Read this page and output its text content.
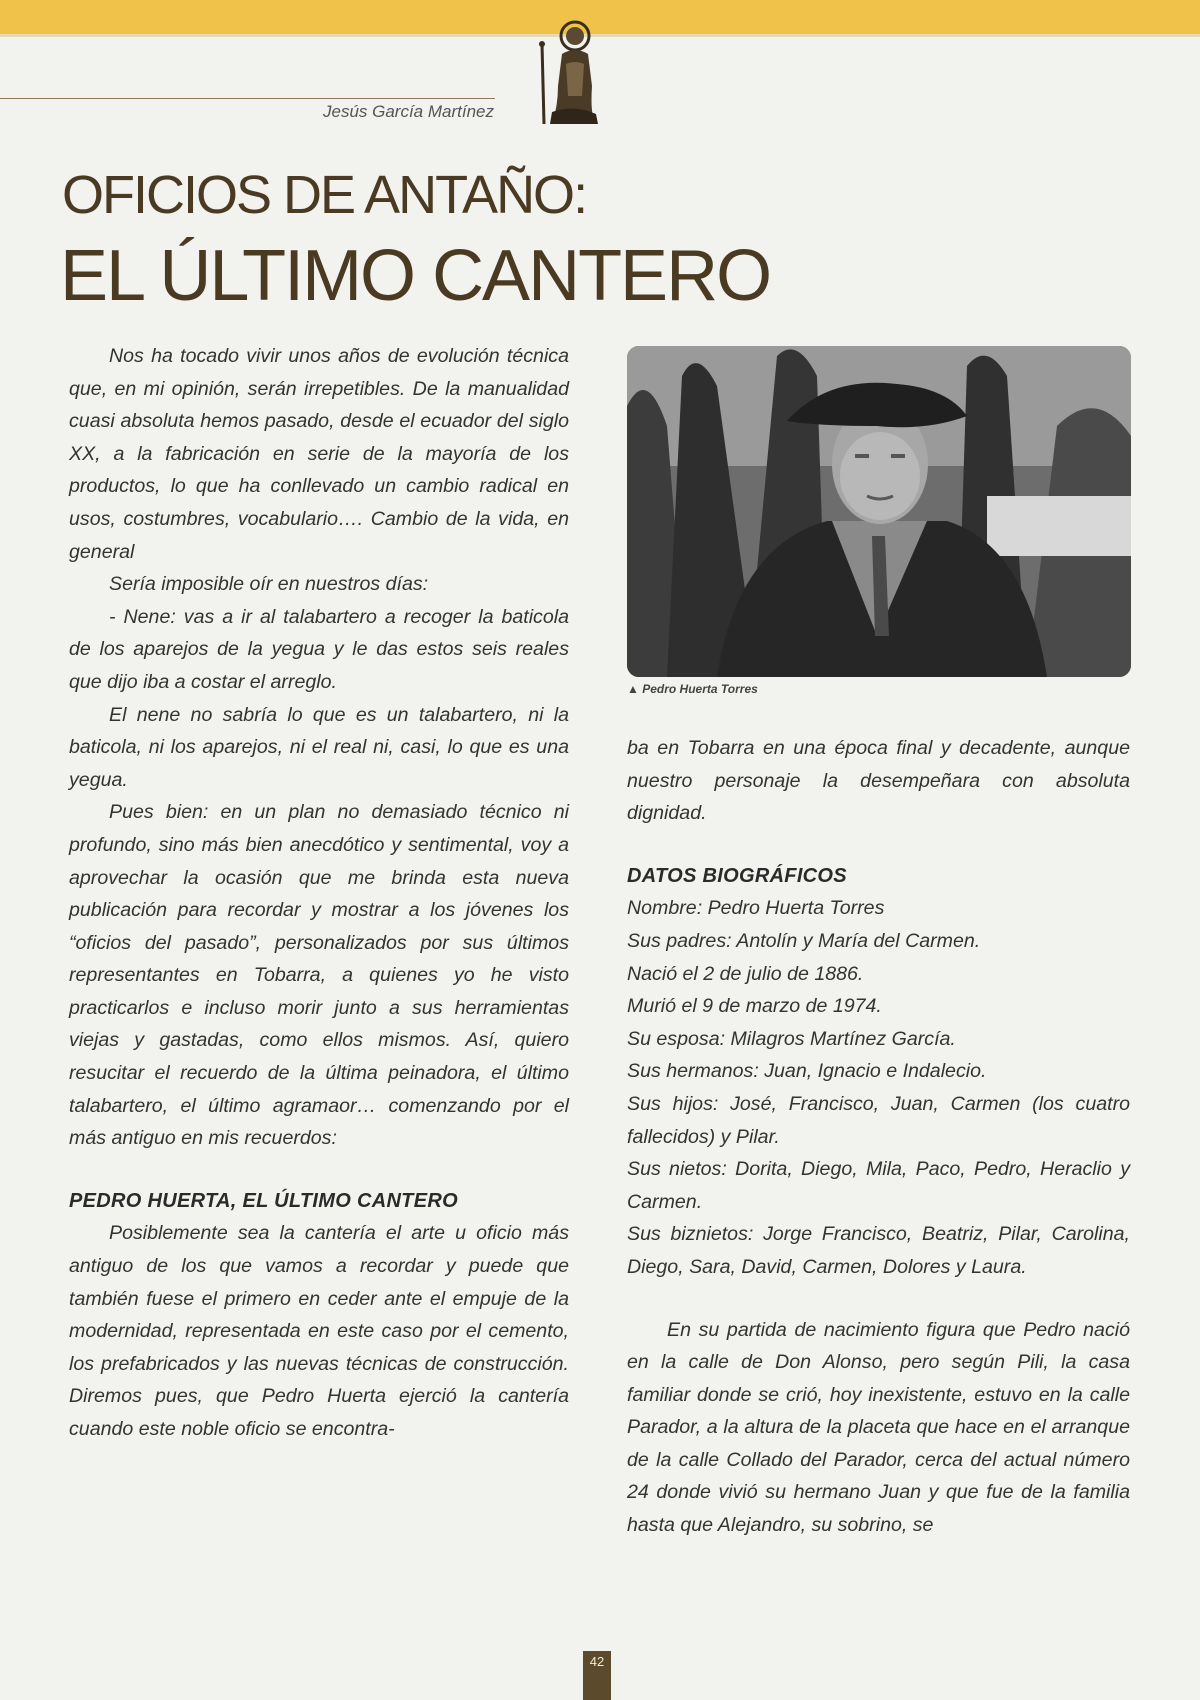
Jesús García Martínez
OFICIOS DE ANTAÑO:
EL ÚLTIMO CANTERO

Nos ha tocado vivir unos años de evolución técnica que, en mi opinión, serán irrepetibles. De la manualidad cuasi absoluta hemos pasado, desde el ecuador del siglo XX, a la fabricación en serie de la mayoría de los productos, lo que ha conllevado un cambio radical en usos, costumbres, vocabulario…. Cambio de la vida, en general

Sería imposible oír en nuestros días:

- Nene: vas a ir al talabartero a recoger la baticola de los aparejos de la yegua y le das estos seis reales que dijo iba a costar el arreglo.

El nene no sabría lo que es un talabartero, ni la baticola, ni los aparejos, ni el real ni, casi, lo que es una yegua.

Pues bien: en un plan no demasiado técnico ni profundo, sino más bien anecdótico y sentimental, voy a aprovechar la ocasión que me brinda esta nueva publicación para recordar y mostrar a los jóvenes los “oficios del pasado”, personalizados por sus últimos representantes en Tobarra, a quienes yo he visto practicarlos e incluso morir junto a sus herramientas viejas y gastadas, como ellos mismos. Así, quiero resucitar el recuerdo de la última peinadora, el último talabartero, el último agramaor… comenzando por el más antiguo en mis recuerdos:

PEDRO HUERTA, EL ÚLTIMO CANTERO

Posiblemente sea la cantería el arte u oficio más antiguo de los que vamos a recordar y puede que también fuese el primero en ceder ante el empuje de la modernidad, representada en este caso por el cemento, los prefabricados y las nuevas técnicas de construcción. Diremos pues, que Pedro Huerta ejerció la cantería cuando este noble oficio se encontra-

▲ Pedro Huerta Torres

ba en Tobarra en una época final y decadente, aunque nuestro personaje la desempeñara con absoluta dignidad.

DATOS BIOGRÁFICOS

Nombre: Pedro Huerta Torres

Sus padres: Antolín y María del Carmen.

Nació el 2 de julio de 1886.

Murió el 9 de marzo de 1974.

Su esposa: Milagros Martínez García.

Sus hermanos: Juan, Ignacio e Indalecio.

Sus hijos: José, Francisco, Juan, Carmen (los cuatro fallecidos) y Pilar.

Sus nietos: Dorita, Diego, Mila, Paco, Pedro, Heraclio y Carmen.

Sus biznietos: Jorge Francisco, Beatriz, Pilar, Carolina, Diego, Sara, David, Carmen, Dolores y Laura.

En su partida de nacimiento figura que Pedro nació en la calle de Don Alonso, pero según Pili, la casa familiar donde se crió, hoy inexistente, estuvo en la calle Parador, a la altura de la placeta que hace en el arranque de la calle Collado del Parador, cerca del actual número 24 donde vivió su hermano Juan y que fue de la familia hasta que Alejandro, su sobrino, se

42
